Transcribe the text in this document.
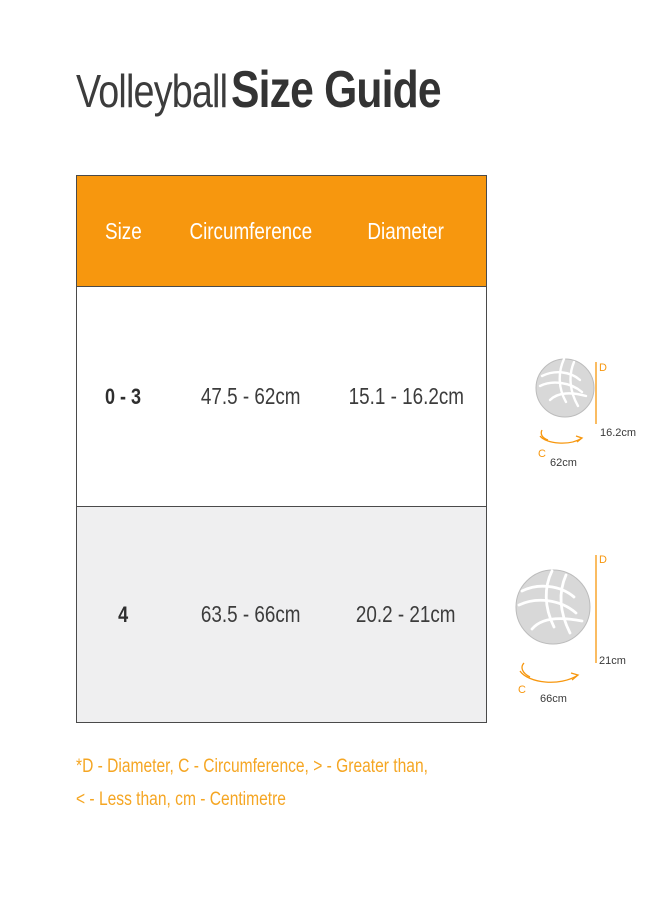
Volleyball Size Guide
Size Circumference Diameter
0 - 3	47.5 - 62cm 15.1 - 16.2cm
4	63.5 - 66cm 20.2 - 21cm
D
C
16.2cm
62cm
D
C
21cm
66cm
*D - Diameter, C - Circumference, > - Greater than,
< - Less than, cm - Centimetre
